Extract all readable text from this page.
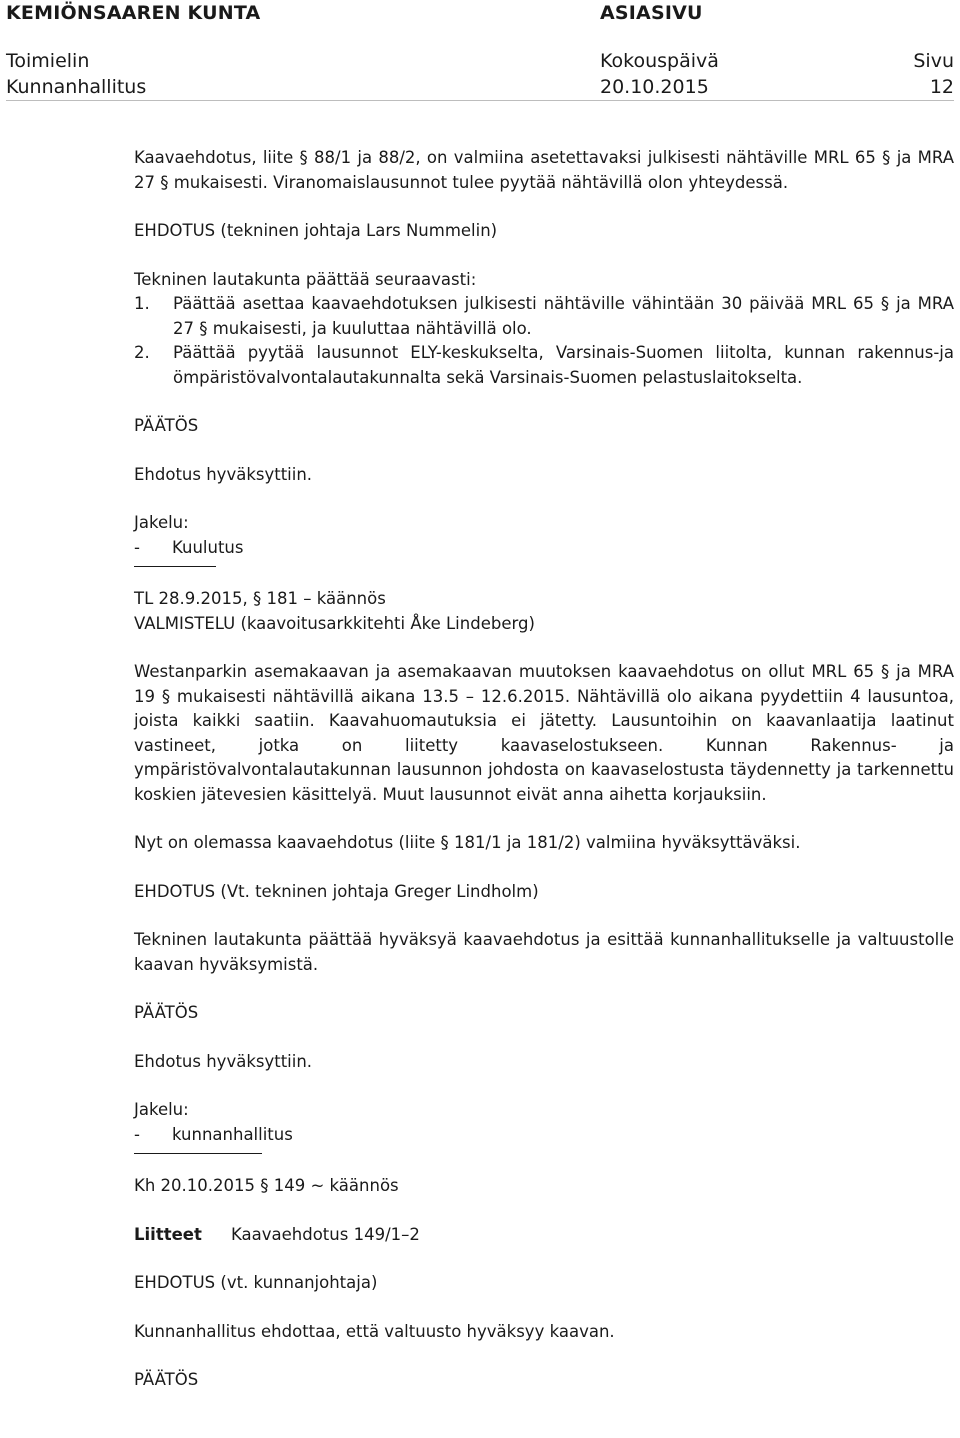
KEMIÖNSAAREN KUNTA	ASIASIVU
Toimielin	Kokouspäivä	Sivu
Kunnanhallitus	20.10.2015	12

Kaavaehdotus, liite § 88/1 ja 88/2, on valmiina asetettavaksi julkisesti nähtäville MRL 65 § ja MRA 27 § mukaisesti. Viranomaislausunnot tulee pyytää nähtävillä olon yhteydessä.

EHDOTUS (tekninen johtaja Lars Nummelin)

Tekninen lautakunta päättää seuraavasti:

1. Päättää asettaa kaavaehdotuksen julkisesti nähtäville vähintään 30 päivää MRL 65 § ja MRA 27 § mukaisesti, ja kuuluttaa nähtävillä olo.
2. Päättää pyytää lausunnot ELY-keskukselta, Varsinais-Suomen liitolta, kunnan rakennus-ja ömpäristövalvontalautakunnalta sekä Varsinais-Suomen pelastuslaitokselta.

PÄÄTÖS

Ehdotus hyväksyttiin.

Jakelu:

- Kuulutus

TL 28.9.2015, § 181 – käännös

VALMISTELU (kaavoitusarkkitehti Åke Lindeberg)

Westanparkin asemakaavan ja asemakaavan muutoksen kaavaehdotus on ollut MRL 65 § ja MRA 19 § mukaisesti nähtävillä aikana 13.5 – 12.6.2015. Nähtävillä olo aikana pyydettiin 4 lausuntoa, joista kaikki saatiin. Kaavahuomautuksia ei jätetty. Lausuntoihin on kaavanlaatija laatinut vastineet, jotka on liitetty kaavaselostukseen. Kunnan Rakennus- ja ympäristövalvontalautakunnan lausunnon johdosta on kaavaselostusta täydennetty ja tarkennettu koskien jätevesien käsittelyä. Muut lausunnot eivät anna aihetta korjauksiin.

Nyt on olemassa kaavaehdotus (liite § 181/1 ja 181/2) valmiina hyväksyttäväksi.

EHDOTUS (Vt. tekninen johtaja Greger Lindholm)

Tekninen lautakunta päättää hyväksyä kaavaehdotus ja esittää kunnanhallitukselle ja valtuustolle kaavan hyväksymistä.

PÄÄTÖS

Ehdotus hyväksyttiin.

Jakelu:

- kunnanhallitus

Kh 20.10.2015 § 149 ~ käännös

Liitteet	Kaavaehdotus 149/1–2

EHDOTUS (vt. kunnanjohtaja)

Kunnanhallitus ehdottaa, että valtuusto hyväksyy kaavan.

PÄÄTÖS
